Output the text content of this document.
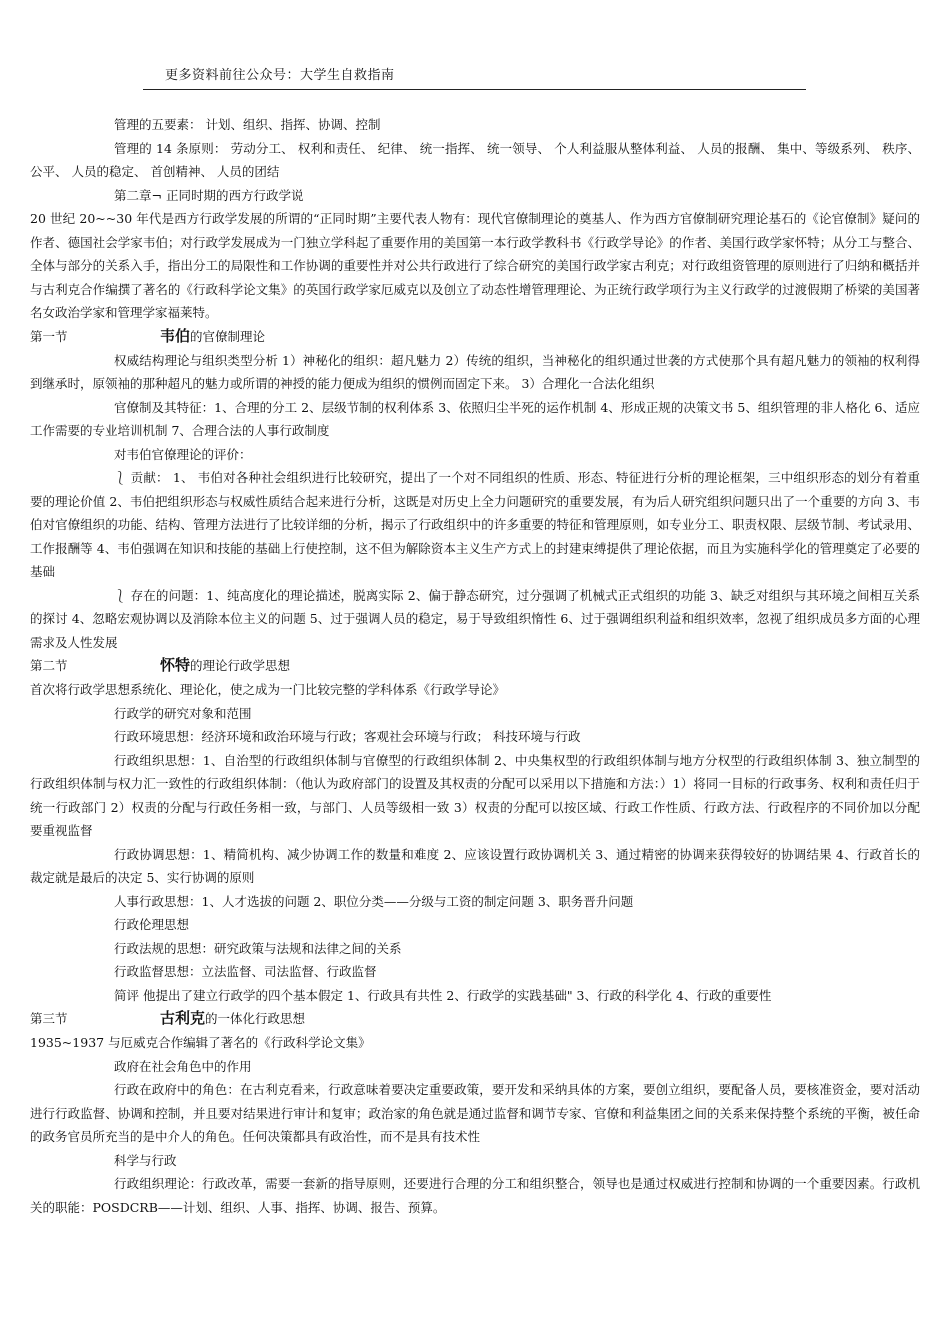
更多资料前往公众号：大学生自救指南

管理的五要素： 计划、组织、指挥、协调、控制

管理的 14 条原则： 劳动分工、 权利和责任、 纪律、 统一指挥、 统一领导、 个人利益服从整体利益、 人员的报酬、 集中、等级系列、 秩序、 公平、 人员的稳定、 首创精神、 人员的团结

第二章¬ 正同时期的西方行政学说

20 世纪 20~~30 年代是西方行政学发展的所谓的“正同时期”主要代表人物有：现代官僚制理论的奠基人、作为西方官僚制研究理论基石的《论官僚制》疑问的作者、德国社会学家韦伯；对行政学发展成为一门独立学科起了重要作用的美国第一本行政学教科书《行政学导论》的作者、美国行政学家怀特；从分工与整合、全体与部分的关系入手，指出分工的局限性和工作协调的重要性并对公共行政进行了综合研究的美国行政学家古利克；对行政组资管理的原则进行了归纳和概括并与古利克合作编撰了著名的《行政科学论文集》的英国行政学家厄威克以及创立了动态性增管理理论、为正统行政学项行为主义行政学的过渡假期了桥梁的美国著名女政治学家和管理学家福莱特。

第一节	韦伯的官僚制理论

权威结构理论与组织类型分析 1）神秘化的组织：超凡魅力 2）传统的组织，当神秘化的组织通过世袭的方式使那个具有超凡魅力的领袖的权利得到继承时，原领袖的那种超凡的魅力或所谓的神授的能力便成为组织的惯例而固定下来。 3）合理化一合法化组织

官僚制及其特征：1、合理的分工 2、层级节制的权利体系 3、依照归尘半死的运作机制 4、形成正规的决策文书 5、组织管理的非人格化 6、适应工作需要的专业培训机制 7、合理合法的人事行政制度

对韦伯官僚理论的评价：

⎱ 贡献： 1、 韦伯对各种社会组织进行比较研究，提出了一个对不同组织的性质、形态、特征进行分析的理论框架，三中组织形态的划分有着重要的理论价值 2、韦伯把组织形态与权威性质结合起来进行分析，这既是对历史上全力问题研究的重要发展，有为后人研究组织问题只出了一个重要的方向 3、韦伯对官僚组织的功能、结构、管理方法进行了比较详细的分析，揭示了行政组织中的许多重要的特征和管理原则，如专业分工、职责权限、层级节制、考试录用、工作报酬等 4、韦伯强调在知识和技能的基础上行使控制，这不但为解除资本主义生产方式上的封建束缚提供了理论依据，而且为实施科学化的管理奠定了必要的基础

⎱ 存在的问题：1、纯高度化的理论描述，脱离实际 2、偏于静态研究，过分强调了机械式正式组织的功能 3、缺乏对组织与其环境之间相互关系的探讨 4、忽略宏观协调以及消除本位主义的问题 5、过于强调人员的稳定，易于导致组织惰性 6、过于强调组织利益和组织效率，忽视了组织成员多方面的心理需求及人性发展

第二节	怀特的理论行政学思想

首次将行政学思想系统化、理论化，使之成为一门比较完整的学科体系《行政学导论》

行政学的研究对象和范围

行政环境思想：经济环境和政治环境与行政；客观社会环境与行政； 科技环境与行政

行政组织思想：1、自治型的行政组织体制与官僚型的行政组织体制 2、中央集权型的行政组织体制与地方分权型的行政组织体制 3、独立制型的行政组织体制与权力汇一致性的行政组织体制：（他认为政府部门的设置及其权责的分配可以采用以下措施和方法：）1）将同一目标的行政事务、权利和责任归于统一行政部门 2）权责的分配与行政任务相一致，与部门、人员等级相一致 3）权责的分配可以按区域、行政工作性质、行政方法、行政程序的不同价加以分配 要重视监督

行政协调思想：1、精简机构、减少协调工作的数量和难度 2、应该设置行政协调机关 3、通过精密的协调来获得较好的协调结果 4、行政首长的裁定就是最后的决定 5、实行协调的原则

人事行政思想：1、人才选拔的问题 2、职位分类——分级与工资的制定问题 3、职务晋升问题

行政伦理思想

行政法规的思想：研究政策与法规和法律之间的关系

行政监督思想：立法监督、司法监督、行政监督

简评 他提出了建立行政学的四个基本假定 1、行政具有共性 2、行政学的实践基础" 3、行政的科学化 4、行政的重要性

第三节	古利克的一体化行政思想

1935~1937 与厄威克合作编辑了著名的《行政科学论文集》

政府在社会角色中的作用

行政在政府中的角色：在古利克看来，行政意味着要决定重要政策，要开发和采纳具体的方案，要创立组织，要配备人员，要核准资金，要对活动进行行政监督、协调和控制，并且要对结果进行审计和复审；政治家的角色就是通过监督和调节专家、官僚和利益集团之间的关系来保持整个系统的平衡，被任命的政务官员所充当的是中介人的角色。任何决策都具有政治性，而不是具有技术性

科学与行政

行政组织理论：行政改革，需要一套新的指导原则，还要进行合理的分工和组织整合，领导也是通过权威进行控制和协调的一个重要因素。行政机关的职能：POSDCRB——计划、组织、人事、指挥、协调、报告、预算。
